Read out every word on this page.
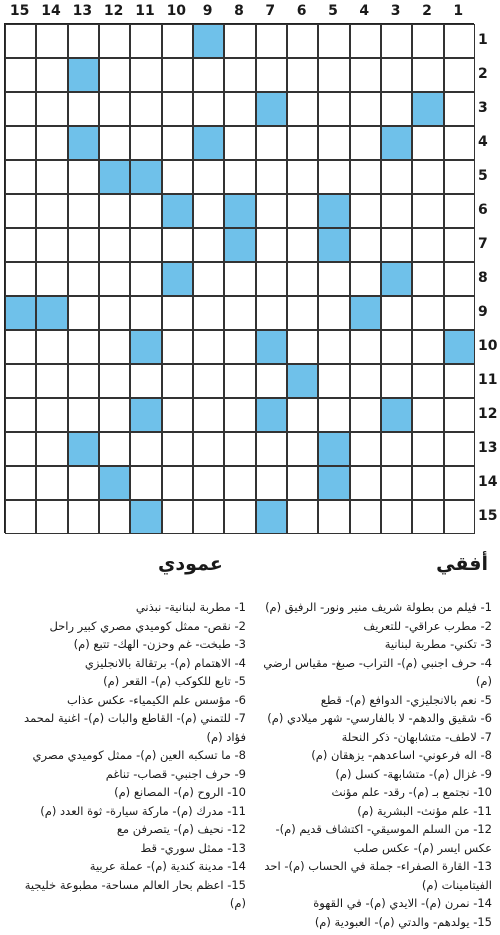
15 14 13 12 11 10	9	8	7	6	5	4	3	2	1
1
2
3
4
5
6
7
8
9
10
11
12
13
14
15
أفقي
عمودي
1- فيلم من بطولة شريف منير ونور- الرفيق (م)
2- مطرب عراقي- للتعريف
3- تكني- مطربة لبنانية
4- حرف اجنبي (م)- التراب- صبغ- مقياس ارضي (م)
5- نعم بالانجليزي- الدوافع (م)- قطع
6- شقيق والدهم- لا بالفارسي- شهر ميلادي (م)
7- لاطف- متشابهان- ذكر النحلة
8- اله فرعوني- اساعدهم- يزهقان (م)
9- غزال (م)- متشابهة- كسل (م)
10- نجتمع بـ (م)- رقد- علم مؤنث
11- علم مؤنث- البشرية (م)
12- من السلم الموسيقي- اكتشاف قديم (م)- عكس ايسر (م)- عكس صلب
13- القارة الصفراء- جملة في الحساب (م)- احد الفيتامينات (م)
14- نمرن (م)- الايدي (م)- في القهوة
15- يولدهم- والدتي (م)- العبودية (م)
1- مطربة لبنانية- نبذني
2- نقص- ممثل كوميدي مصري كبير راحل
3- طبخت- غم وحزن- الهك- تتبع (م)
4- الاهتمام (م)- برتقالة بالانجليزي
5- تابع للكوكب (م)- القعر (م)
6- مؤسس علم الكيمياء- عكس عذاب
7- للتمني (م)- القاطع والبات (م)- اغنية لمحمد فؤاد (م)
8- ما تسكبه العين (م)- ممثل كوميدي مصري
9- حرف اجنبي- قصاب- تناغم
10- الروح (م)- المصانع (م)
11- مدرك (م)- ماركة سيارة- ثوة العدد (م)
12- نحيف (م)- يتصرفن مع
13- ممثل سوري- قط
14- مدينة كندية (م)- عملة عربية
15- اعظم بحار العالم مساحة- مطبوعة خليجية (م)
